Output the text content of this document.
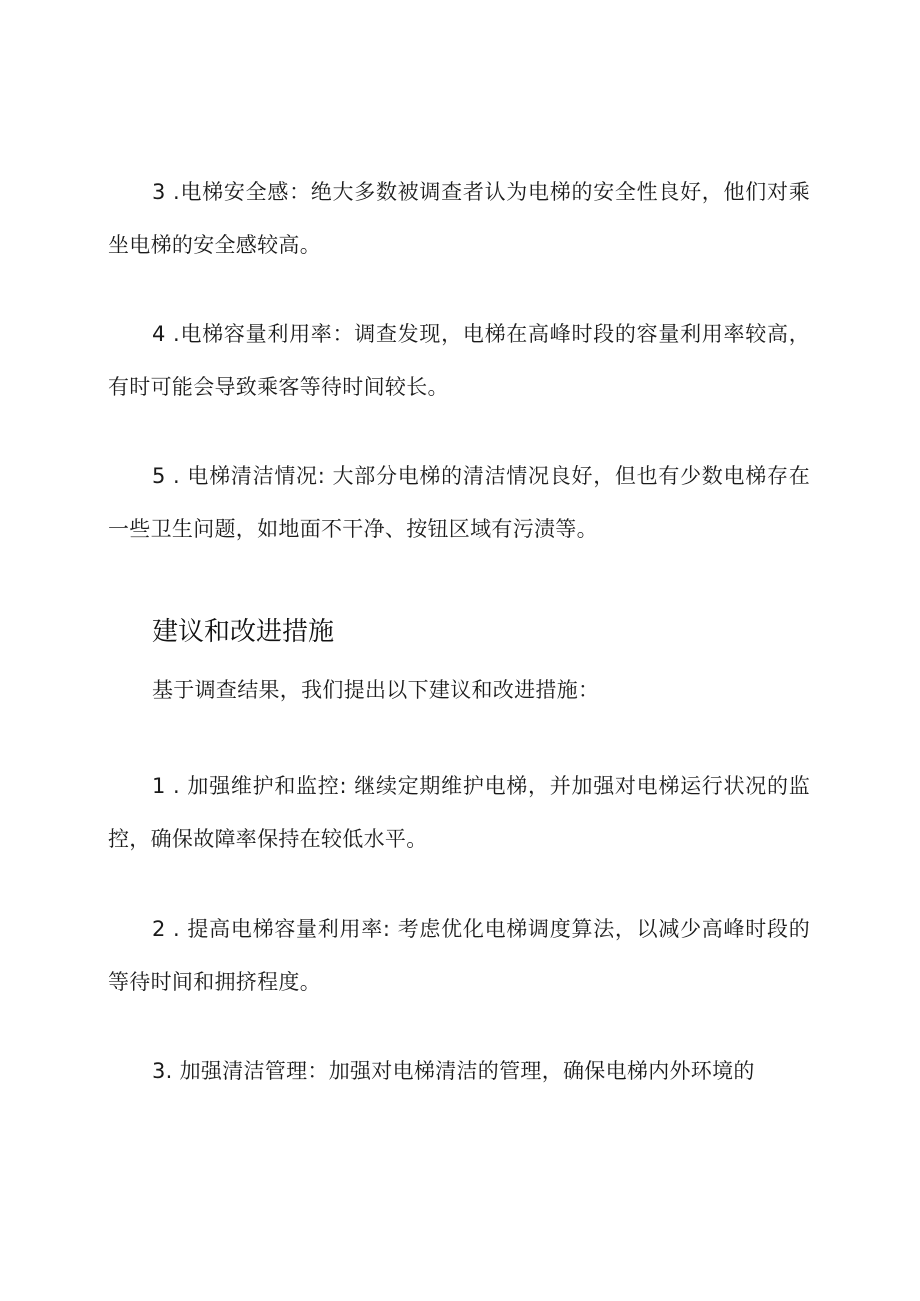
3 .电梯安全感：绝大多数被调查者认为电梯的安全性良好，他们对乘坐电梯的安全感较高。

4 .电梯容量利用率：调查发现，电梯在高峰时段的容量利用率较高，有时可能会导致乘客等待时间较长。

5 . 电梯清洁情况: 大部分电梯的清洁情况良好，但也有少数电梯存在一些卫生问题，如地面不干净、按钮区域有污渍等。

建议和改进措施

基于调查结果，我们提出以下建议和改进措施：

1 . 加强维护和监控: 继续定期维护电梯，并加强对电梯运行状况的监控，确保故障率保持在较低水平。

2 . 提高电梯容量利用率: 考虑优化电梯调度算法，以减少高峰时段的等待时间和拥挤程度。

3. 加强清洁管理：加强对电梯清洁的管理，确保电梯内外环境的
